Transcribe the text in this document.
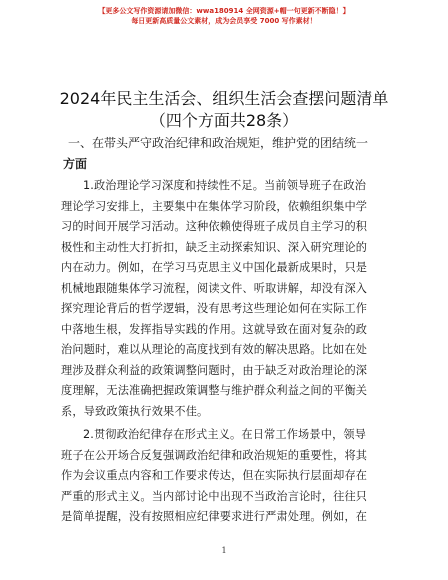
【更多公文写作资源请加微信：wwa180914 全网资源+帽一句更新不断隐！】
每日更新高质量公文素材，成为会员享受 7000 写作素材！
2024年民主生活会、组织生活会查摆问题清单
（四个方面共28条）
一、在带头严守政治纪律和政治规矩，维护党的团结统一
方面
1.政治理论学习深度和持续性不足。当前领导班子在政治
理论学习安排上，主要集中在集体学习阶段，依赖组织集中学
习的时间开展学习活动。这种依赖使得班子成员自主学习的积
极性和主动性大打折扣，缺乏主动探索知识、深入研究理论的
内在动力。例如，在学习马克思主义中国化最新成果时，只是
机械地跟随集体学习流程，阅读文件、听取讲解，却没有深入
探究理论背后的哲学逻辑，没有思考这些理论如何在实际工作
中落地生根，发挥指导实践的作用。这就导致在面对复杂的政
治问题时，难以从理论的高度找到有效的解决思路。比如在处
理涉及群众利益的政策调整问题时，由于缺乏对政治理论的深
度理解，无法准确把握政策调整与维护群众利益之间的平衡关
系，导致政策执行效果不佳。
2.贯彻政治纪律存在形式主义。在日常工作场景中，领导
班子在公开场合反复强调政治纪律和政治规矩的重要性，将其
作为会议重点内容和工作要求传达，但在实际执行层面却存在
严重的形式主义。当内部讨论中出现不当政治言论时，往往只
是简单提醒，没有按照相应纪律要求进行严肃处理。例如，在
1
